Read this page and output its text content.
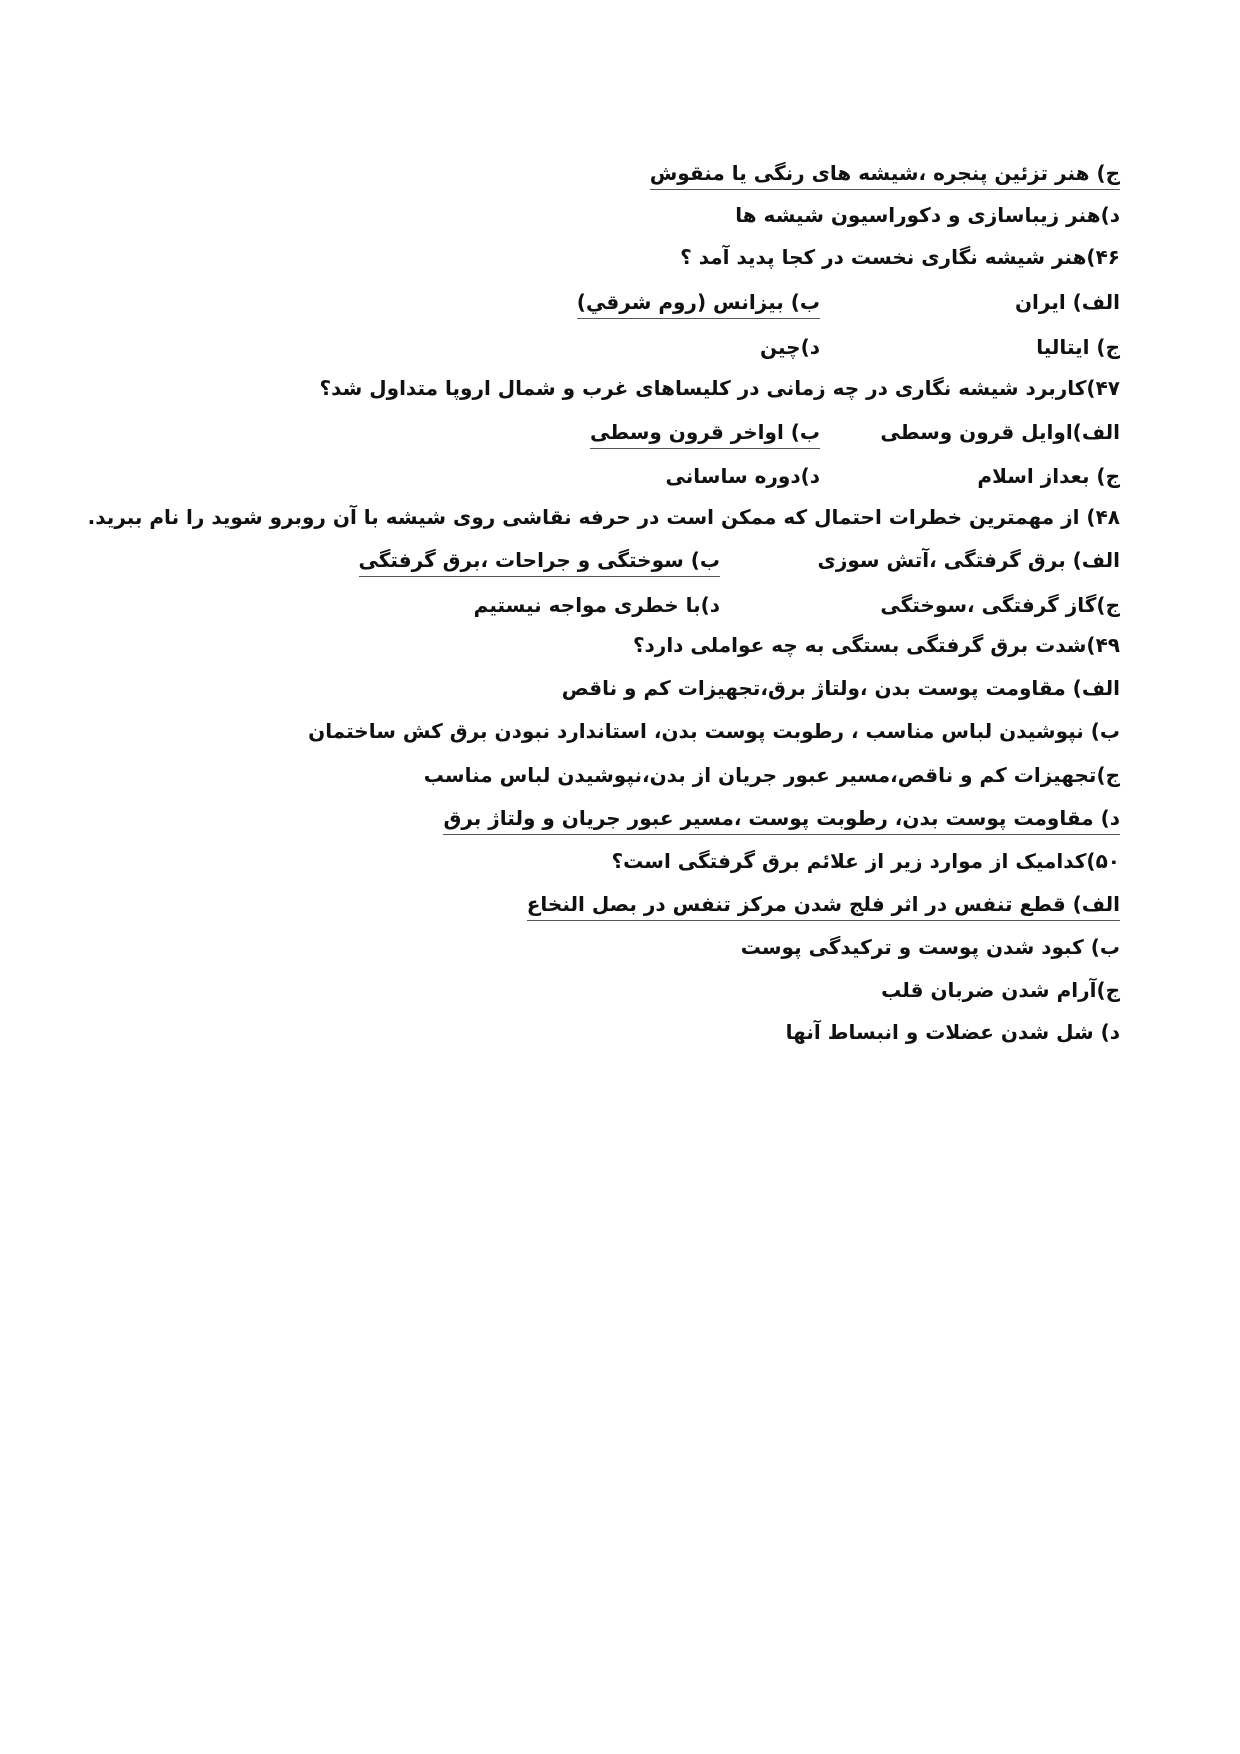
ج) هنر تزئین پنجره ،شیشه های رنگی یا منقوش
د)هنر زیباسازی و دکوراسیون شیشه ها
۴۶)هنر شیشه نگاری نخست در کجا پدید آمد ؟
الف) ایران
ب) بیزانس (روم شرقي)
ج) ایتالیا
د)چین
۴۷)کاربرد شیشه نگاری در چه زمانی در کلیساهای غرب و شمال اروپا متداول شد؟
الف)اوایل قرون وسطی
ب) اواخر قرون وسطی
ج) بعداز اسلام
د)دوره ساسانی
۴۸) از مهمترین خطرات احتمال که ممکن است در حرفه نقاشی روی شیشه با آن روبرو شوید را نام ببرید.
الف) برق گرفتگی ،آتش سوزی
ب) سوختگی و جراحات ،برق گرفتگی
ج)گاز گرفتگی ،سوختگی
د)با خطری مواجه نیستیم
۴۹)شدت برق گرفتگی بستگی به چه عواملی دارد؟
الف) مقاومت پوست بدن ،ولتاژ برق،تجهیزات کم و ناقص
ب) نپوشیدن لباس مناسب ، رطوبت پوست بدن، استاندارد نبودن برق کش ساختمان
ج)تجهیزات کم و ناقص،مسیر عبور جریان از بدن،نپوشیدن لباس مناسب
د) مقاومت پوست بدن، رطوبت پوست ،مسیر عبور جریان و ولتاژ برق
۵۰)کدامیک از موارد زیر از علائم برق گرفتگی است؟
الف) قطع تنفس در اثر فلج شدن مرکز تنفس در بصل النخاع
ب) کبود شدن پوست و ترکیدگی پوست
ج)آرام شدن ضربان قلب
د) شل شدن عضلات و انبساط آنها
